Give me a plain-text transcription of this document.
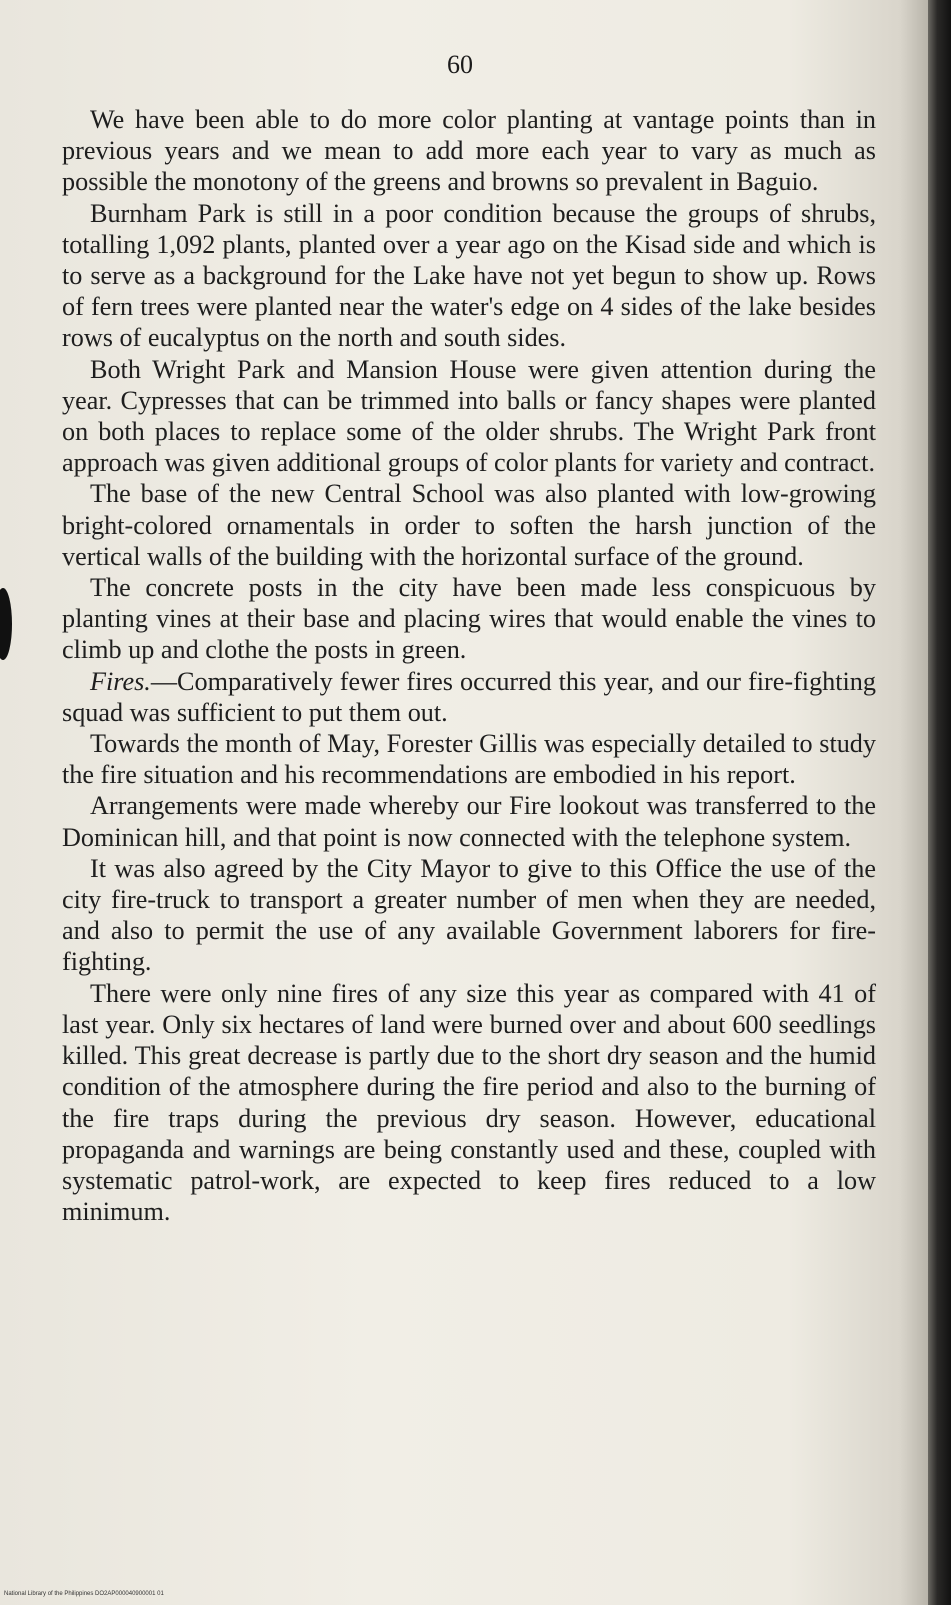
60

We have been able to do more color planting at vantage points than in previous years and we mean to add more each year to vary as much as possible the monotony of the greens and browns so prevalent in Baguio.

Burnham Park is still in a poor condition because the groups of shrubs, totalling 1,092 plants, planted over a year ago on the Kisad side and which is to serve as a background for the Lake have not yet begun to show up. Rows of fern trees were planted near the water's edge on 4 sides of the lake besides rows of eucalyptus on the north and south sides.

Both Wright Park and Mansion House were given attention during the year. Cypresses that can be trimmed into balls or fancy shapes were planted on both places to replace some of the older shrubs. The Wright Park front approach was given additional groups of color plants for variety and contract.

The base of the new Central School was also planted with low-growing bright-colored ornamentals in order to soften the harsh junction of the vertical walls of the building with the horizontal surface of the ground.

The concrete posts in the city have been made less conspicuous by planting vines at their base and placing wires that would enable the vines to climb up and clothe the posts in green.

Fires.—Comparatively fewer fires occurred this year, and our fire-fighting squad was sufficient to put them out.

Towards the month of May, Forester Gillis was especially detailed to study the fire situation and his recommendations are embodied in his report.

Arrangements were made whereby our Fire lookout was transferred to the Dominican hill, and that point is now connected with the telephone system.

It was also agreed by the City Mayor to give to this Office the use of the city fire-truck to transport a greater number of men when they are needed, and also to permit the use of any available Government laborers for fire-fighting.

There were only nine fires of any size this year as compared with 41 of last year. Only six hectares of land were burned over and about 600 seedlings killed. This great decrease is partly due to the short dry season and the humid condition of the atmosphere during the fire period and also to the burning of the fire traps during the previous dry season. However, educational propaganda and warnings are being constantly used and these, coupled with systematic patrol-work, are expected to keep fires reduced to a low minimum.

National Library of the Philippines DO2AP000040900001 01
